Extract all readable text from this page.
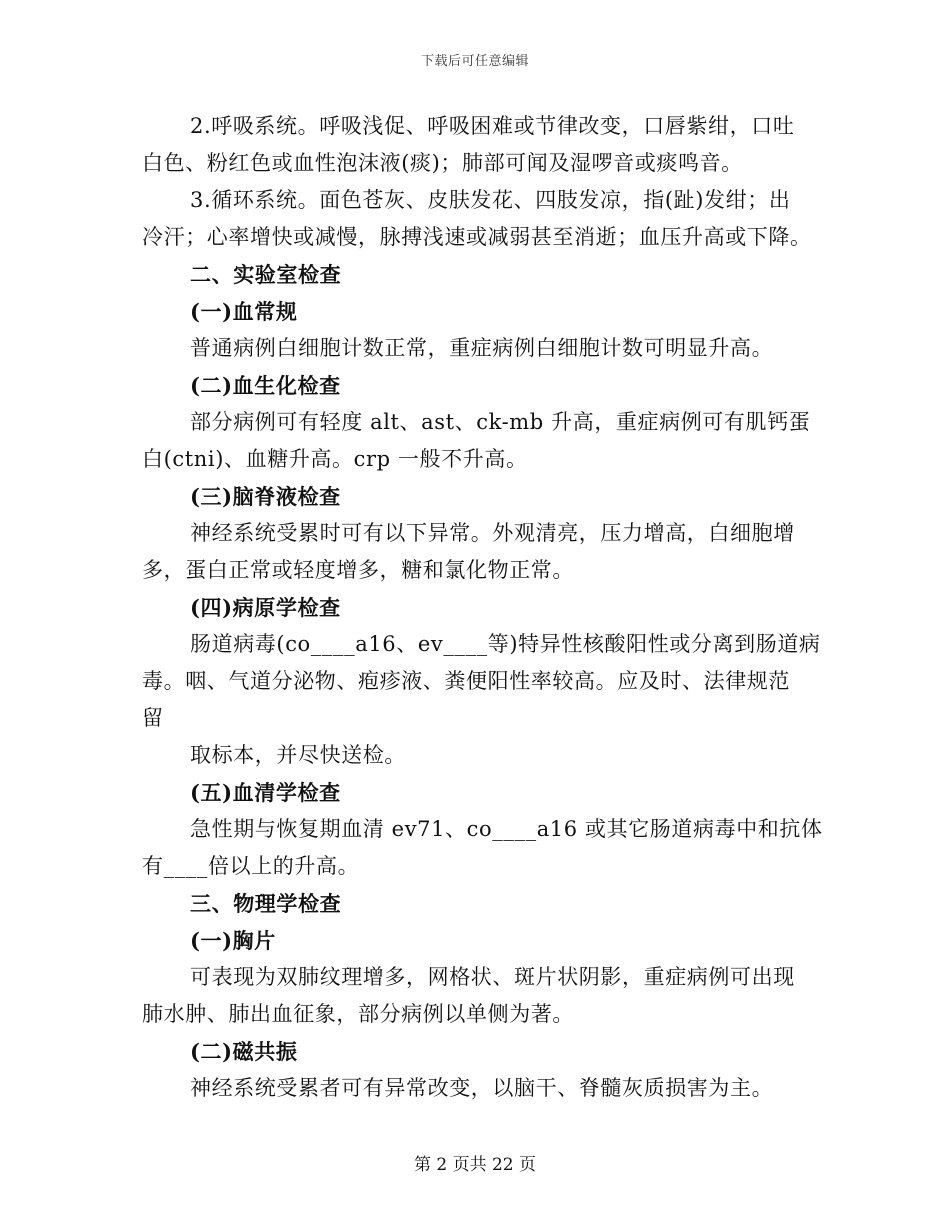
下载后可任意编辑
2.呼吸系统。呼吸浅促、呼吸困难或节律改变，口唇紫绀，口吐
白色、粉红色或血性泡沫液(痰)；肺部可闻及湿啰音或痰鸣音。
3.循环系统。面色苍灰、皮肤发花、四肢发凉，指(趾)发绀；出
冷汗；心率增快或减慢，脉搏浅速或减弱甚至消逝；血压升高或下降。
二、实验室检查
(一)血常规
普通病例白细胞计数正常，重症病例白细胞计数可明显升高。
(二)血生化检查
部分病例可有轻度 alt、ast、ck-mb 升高，重症病例可有肌钙蛋
白(ctni)、血糖升高。crp 一般不升高。
(三)脑脊液检查
神经系统受累时可有以下异常。外观清亮，压力增高，白细胞增
多，蛋白正常或轻度增多，糖和氯化物正常。
(四)病原学检查
肠道病毒(co____a16、ev____等)特异性核酸阳性或分离到肠道病
毒。咽、气道分泌物、疱疹液、粪便阳性率较高。应及时、法律规范
留
取标本，并尽快送检。
(五)血清学检查
急性期与恢复期血清 ev71、co____a16 或其它肠道病毒中和抗体
有____倍以上的升高。
三、物理学检查
(一)胸片
可表现为双肺纹理增多，网格状、斑片状阴影，重症病例可出现
肺水肿、肺出血征象，部分病例以单侧为著。
(二)磁共振
神经系统受累者可有异常改变，以脑干、脊髓灰质损害为主。
第 2 页共 22 页
